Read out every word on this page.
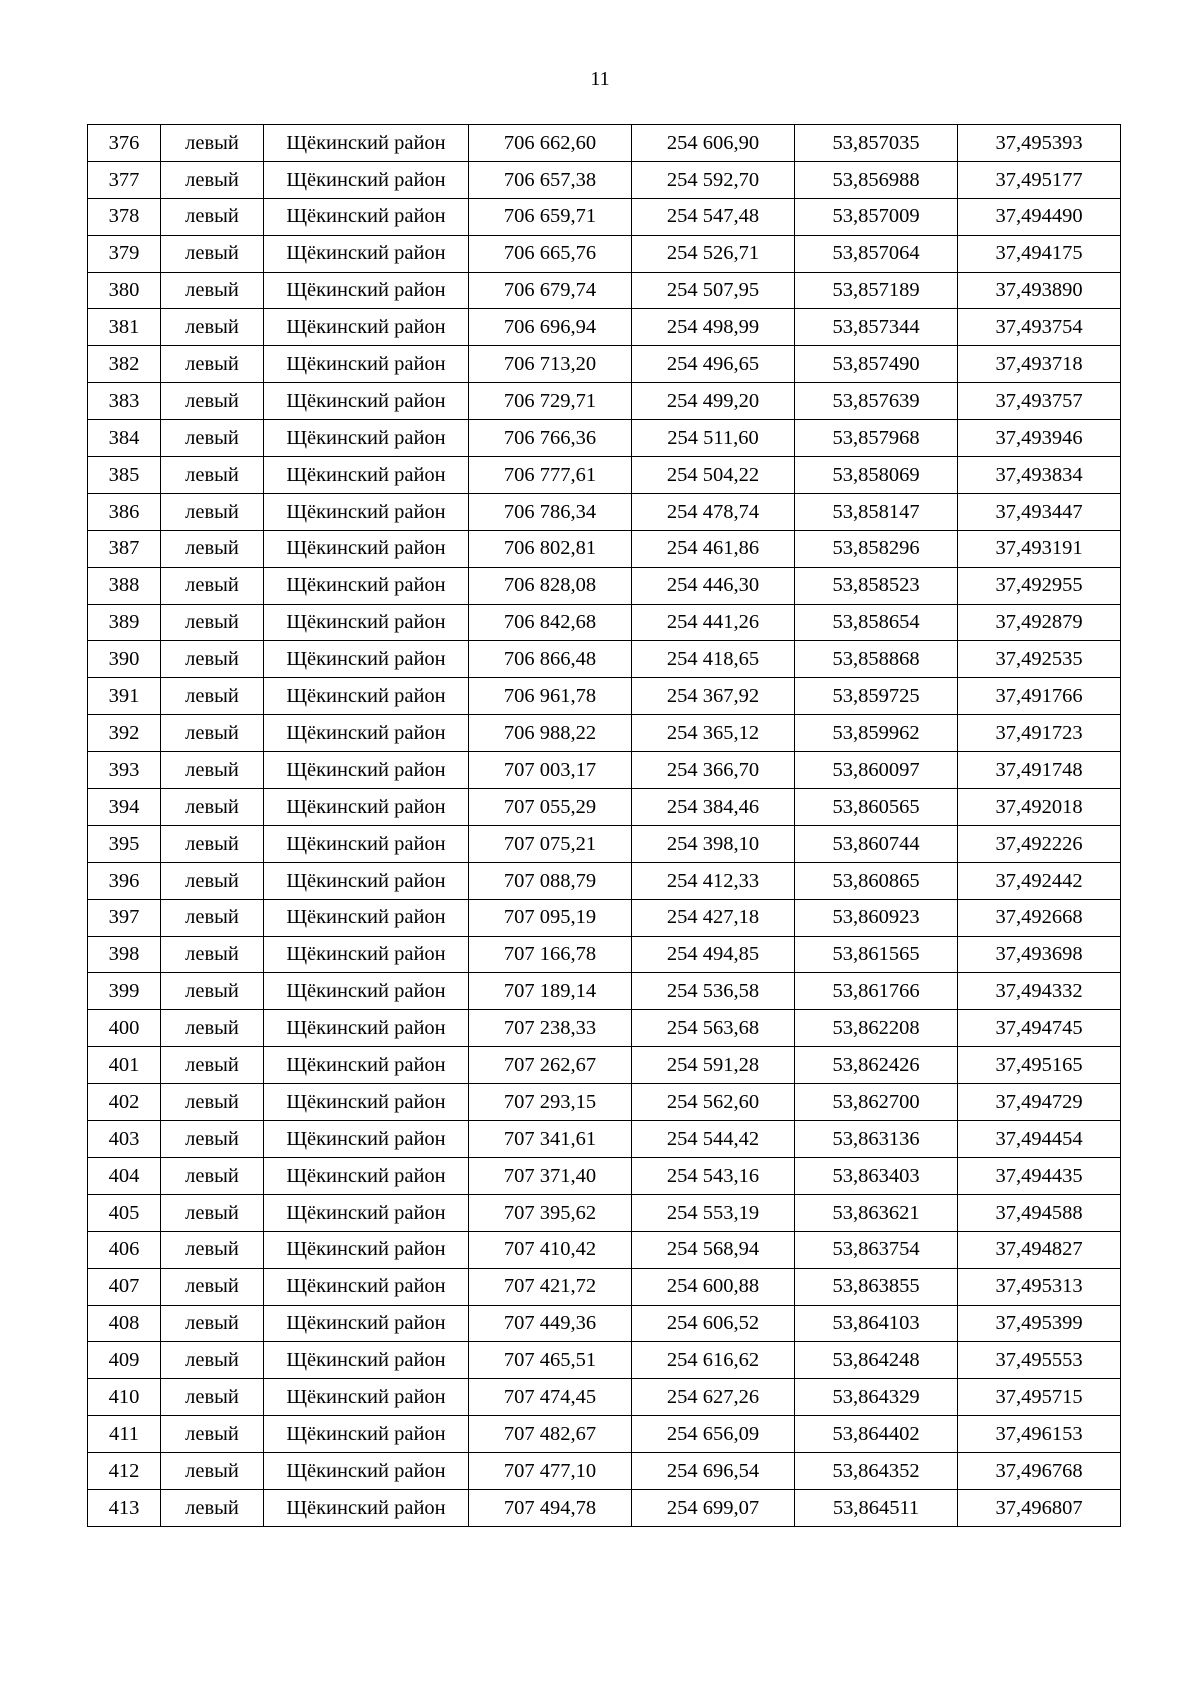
11
376	левый	Щёкинский район	706 662,60	254 606,90	53,857035	37,495393
377	левый	Щёкинский район	706 657,38	254 592,70	53,856988	37,495177
378	левый	Щёкинский район	706 659,71	254 547,48	53,857009	37,494490
379	левый	Щёкинский район	706 665,76	254 526,71	53,857064	37,494175
380	левый	Щёкинский район	706 679,74	254 507,95	53,857189	37,493890
381	левый	Щёкинский район	706 696,94	254 498,99	53,857344	37,493754
382	левый	Щёкинский район	706 713,20	254 496,65	53,857490	37,493718
383	левый	Щёкинский район	706 729,71	254 499,20	53,857639	37,493757
384	левый	Щёкинский район	706 766,36	254 511,60	53,857968	37,493946
385	левый	Щёкинский район	706 777,61	254 504,22	53,858069	37,493834
386	левый	Щёкинский район	706 786,34	254 478,74	53,858147	37,493447
387	левый	Щёкинский район	706 802,81	254 461,86	53,858296	37,493191
388	левый	Щёкинский район	706 828,08	254 446,30	53,858523	37,492955
389	левый	Щёкинский район	706 842,68	254 441,26	53,858654	37,492879
390	левый	Щёкинский район	706 866,48	254 418,65	53,858868	37,492535
391	левый	Щёкинский район	706 961,78	254 367,92	53,859725	37,491766
392	левый	Щёкинский район	706 988,22	254 365,12	53,859962	37,491723
393	левый	Щёкинский район	707 003,17	254 366,70	53,860097	37,491748
394	левый	Щёкинский район	707 055,29	254 384,46	53,860565	37,492018
395	левый	Щёкинский район	707 075,21	254 398,10	53,860744	37,492226
396	левый	Щёкинский район	707 088,79	254 412,33	53,860865	37,492442
397	левый	Щёкинский район	707 095,19	254 427,18	53,860923	37,492668
398	левый	Щёкинский район	707 166,78	254 494,85	53,861565	37,493698
399	левый	Щёкинский район	707 189,14	254 536,58	53,861766	37,494332
400	левый	Щёкинский район	707 238,33	254 563,68	53,862208	37,494745
401	левый	Щёкинский район	707 262,67	254 591,28	53,862426	37,495165
402	левый	Щёкинский район	707 293,15	254 562,60	53,862700	37,494729
403	левый	Щёкинский район	707 341,61	254 544,42	53,863136	37,494454
404	левый	Щёкинский район	707 371,40	254 543,16	53,863403	37,494435
405	левый	Щёкинский район	707 395,62	254 553,19	53,863621	37,494588
406	левый	Щёкинский район	707 410,42	254 568,94	53,863754	37,494827
407	левый	Щёкинский район	707 421,72	254 600,88	53,863855	37,495313
408	левый	Щёкинский район	707 449,36	254 606,52	53,864103	37,495399
409	левый	Щёкинский район	707 465,51	254 616,62	53,864248	37,495553
410	левый	Щёкинский район	707 474,45	254 627,26	53,864329	37,495715
411	левый	Щёкинский район	707 482,67	254 656,09	53,864402	37,496153
412	левый	Щёкинский район	707 477,10	254 696,54	53,864352	37,496768
413	левый	Щёкинский район	707 494,78	254 699,07	53,864511	37,496807
